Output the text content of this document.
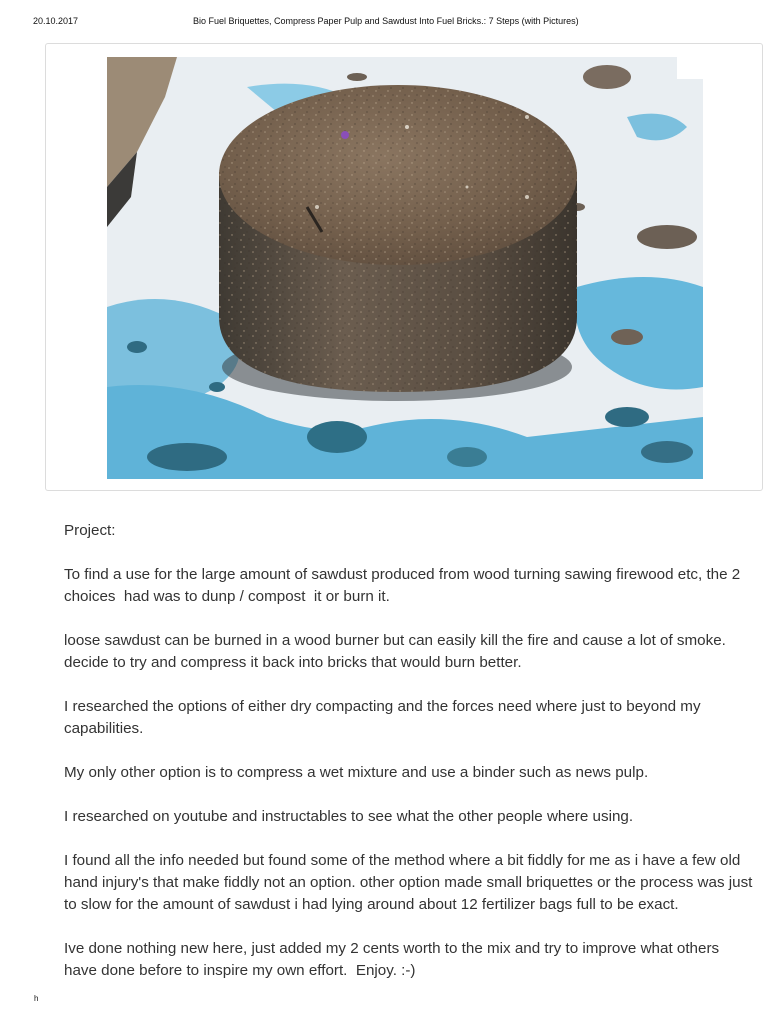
20.10.2017	Bio Fuel Briquettes, Compress Paper Pulp and Sawdust Into Fuel Bricks.: 7 Steps (with Pictures)

Project:

To find a use for the large amount of sawdust produced from wood turning sawing firewood etc, the 2 choices  had was to dunp / compost  it or burn it.

loose sawdust can be burned in a wood burner but can easily kill the fire and cause a lot of smoke. decide to try and compress it back into bricks that would burn better.

I researched the options of either dry compacting and the forces need where just to beyond my capabilities.

My only other option is to compress a wet mixture and use a binder such as news pulp.

I researched on youtube and instructables to see what the other people where using.

I found all the info needed but found some of the method where a bit fiddly for me as i have a few old hand injury's that make fiddly not an option. other option made small briquettes or the process was just to slow for the amount of sawdust i had lying around about 12 fertilizer bags full to be exact.

Ive done nothing new here, just added my 2 cents worth to the mix and try to improve what others have done before to inspire my own effort.  Enjoy. :-)

h
